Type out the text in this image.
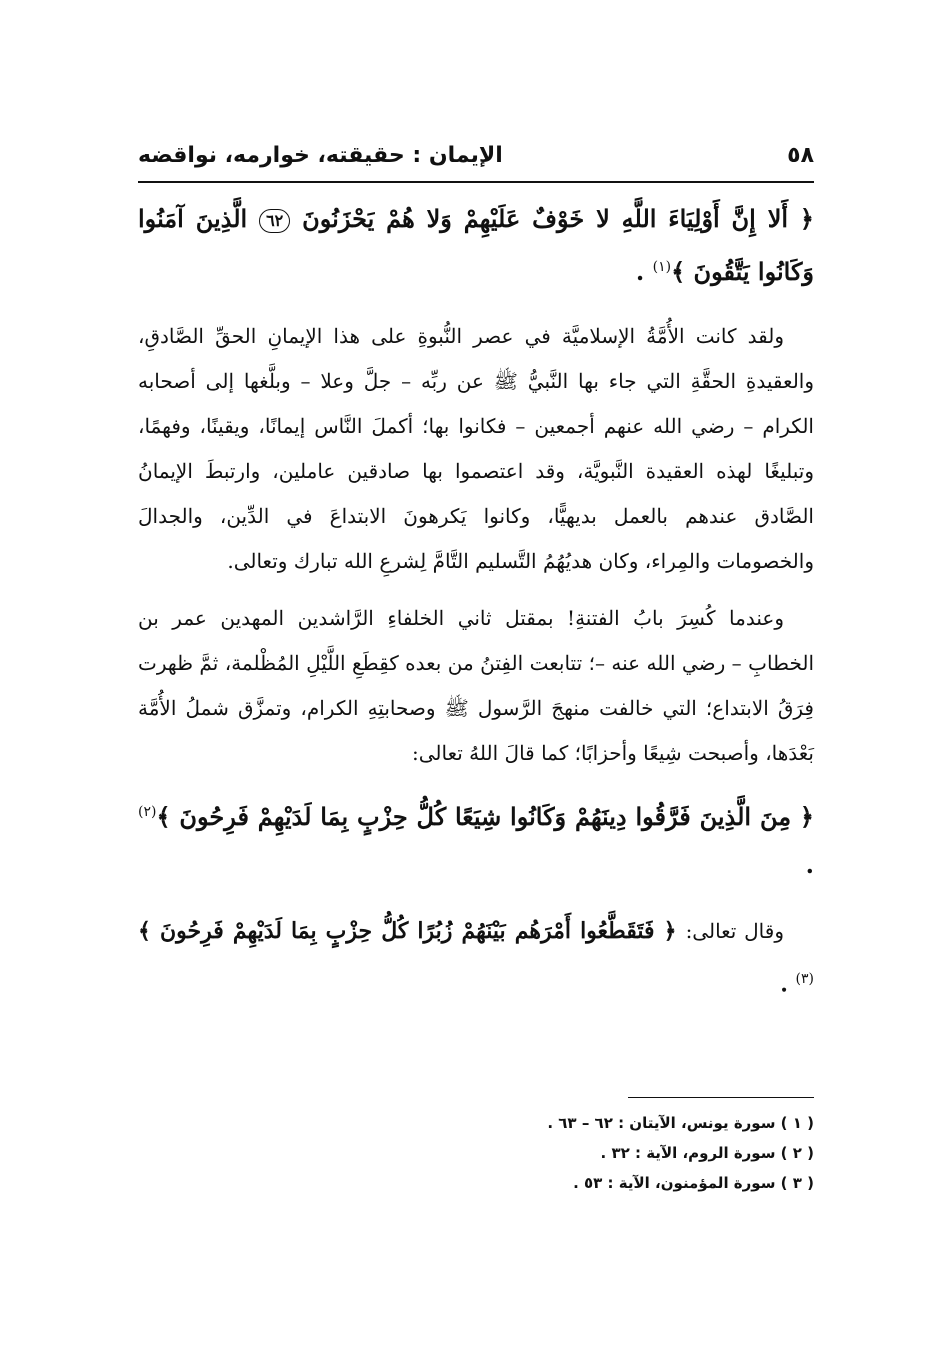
٥٨
الإيمان : حقيقته، خوارمه، نواقضه

﴿ أَلا إِنَّ أَوْلِيَاءَ اللَّهِ لا خَوْفٌ عَلَيْهِمْ وَلا هُمْ يَحْزَنُونَ ٦٢ الَّذِينَ آمَنُوا وَكَانُوا يَتَّقُونَ ﴾$^{(١)}$ .

ولقد كانت الأُمَّةُ الإسلاميَّة في عصر النُّبوةِ على هذا الإيمانِ الحقِّ الصَّادقِ، والعقيدةِ الحقَّةِ التي جاء بها النَّبيُّ ﷺ عن ربِّه – جلَّ وعلا – وبلَّغها إلى أصحابه الكرام – رضي الله عنهم أجمعين – فكانوا بها؛ أكملَ النَّاس إيمانًا، ويقينًا، وفهمًا، وتبليغًا لهذه العقيدة النَّبويَّة، وقد اعتصموا بها صادقين عاملين، وارتبطَ الإيمانُ الصَّادق عندهم بالعمل بديهيًّا، وكانوا يَكرهونَ الابتداعَ في الدِّين، والجدالَ والخصومات والمِراء، وكان هديُهُمُ التَّسليم التَّامَّ لِشرعِ الله تبارك وتعالى.

وعندما كُسِرَ بابُ الفتنةِ! بمقتل ثاني الخلفاءِ الرَّاشدين المهدين عمر بن الخطابِ – رضي الله عنه –؛ تتابعت الفِتنُ من بعده كقِطَعِ اللَّيْلِ المُظْلمة، ثمَّ ظهرت فِرَقُ الابتداع؛ التي خالفت منهجَ الرَّسول ﷺ وصحابتِهِ الكرام، وتمزَّق شملُ الأُمَّة بَعْدَها، وأصبحت شِيعًا وأحزابًا؛ كما قالَ اللهُ تعالى:

﴿ مِنَ الَّذِينَ فَرَّقُوا دِينَهُمْ وَكَانُوا شِيَعًا كُلُّ حِزْبٍ بِمَا لَدَيْهِمْ فَرِحُونَ ﴾$^{(٢)}$ .

وقال تعالى: ﴿ فَتَقَطَّعُوا أَمْرَهُم بَيْنَهُمْ زُبُرًا كُلُّ حِزْبٍ بِمَا لَدَيْهِمْ فَرِحُونَ ﴾$^{(٣)}$ .

( ١ ) سورة يونس، الآيتان : ٦٢ – ٦٣ .

( ٢ ) سورة الروم، الآية : ٣٢ .

( ٣ ) سورة المؤمنون، الآية : ٥٣ .
